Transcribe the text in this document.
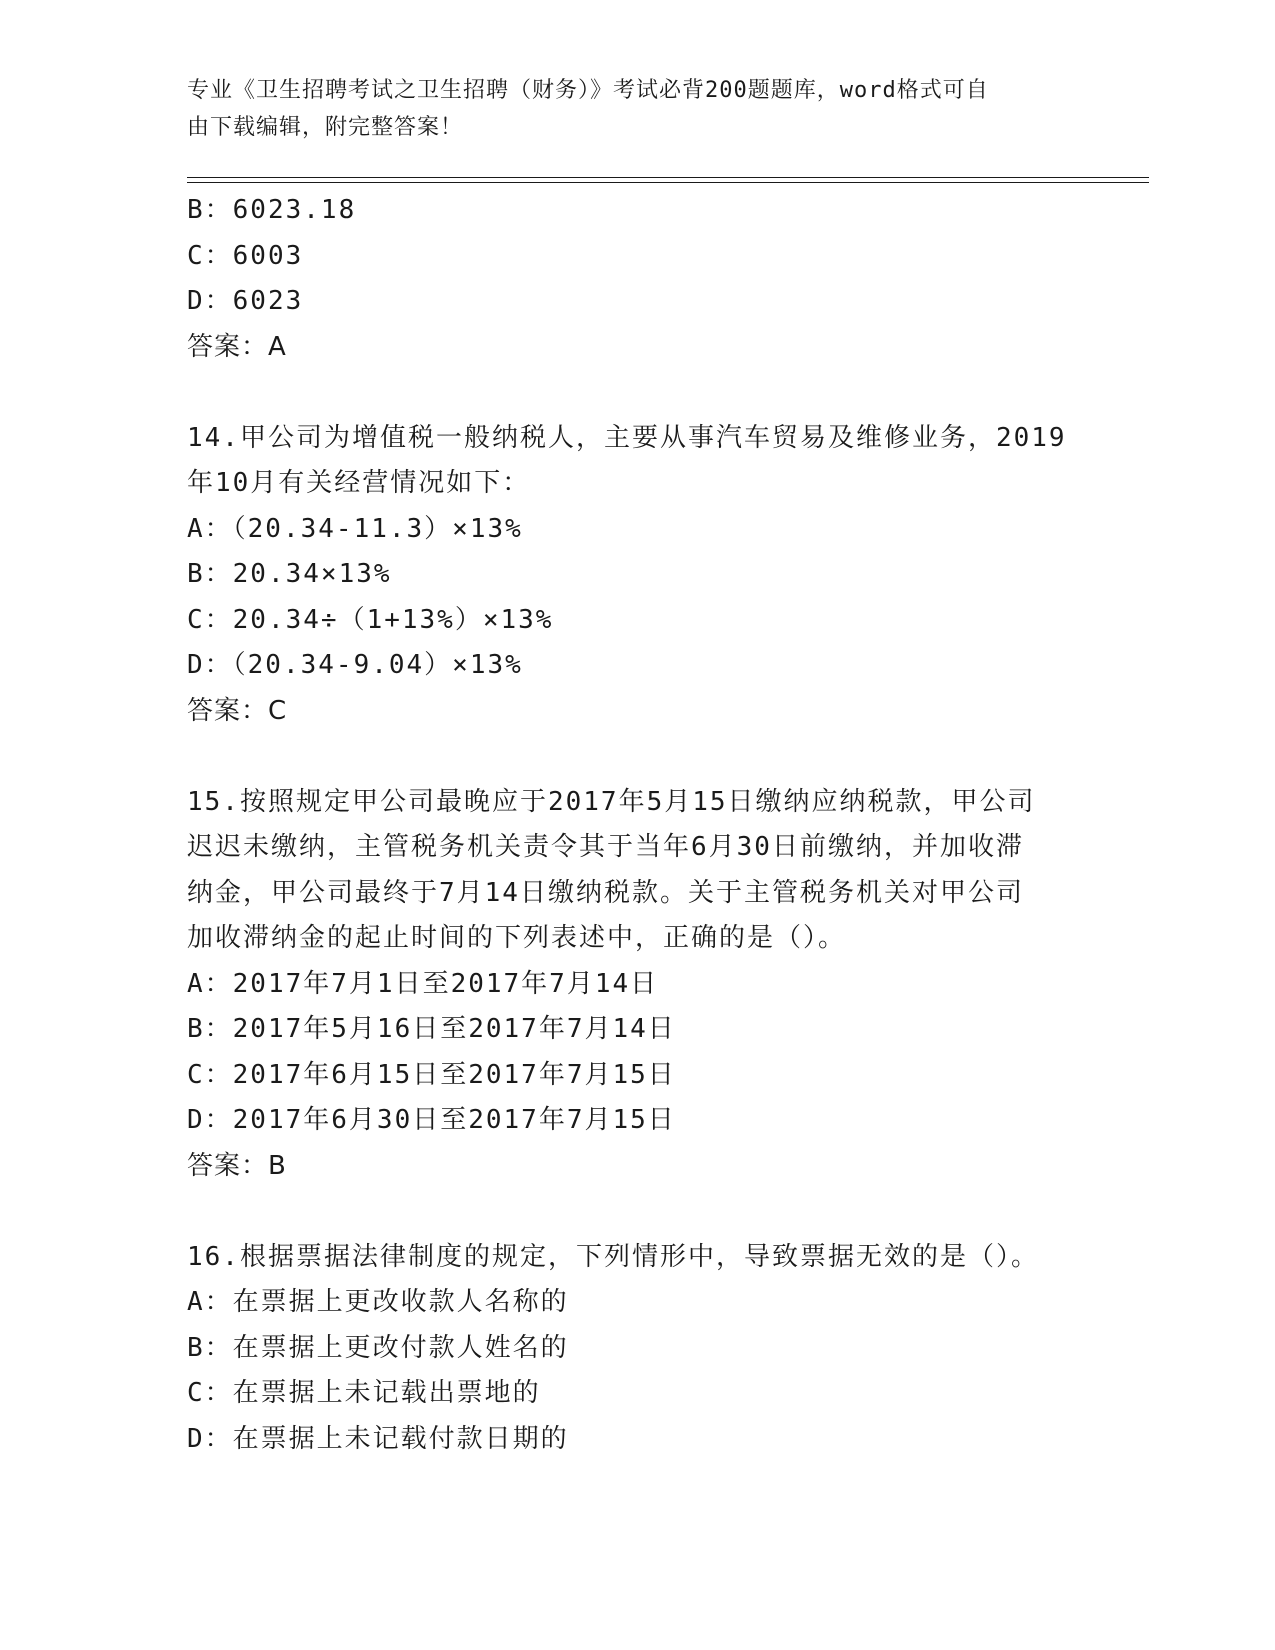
专业《卫生招聘考试之卫生招聘（财务）》考试必背200题题库，word格式可自
由下载编辑，附完整答案！
B：6023.18
C：6003
D：6023
答案：A
14.甲公司为增值税一般纳税人，主要从事汽车贸易及维修业务，2019
年10月有关经营情况如下：
A：（20.34-11.3）×13%
B：20.34×13%
C：20.34÷（1+13%）×13%
D：（20.34-9.04）×13%
答案：C
15.按照规定甲公司最晚应于2017年5月15日缴纳应纳税款，甲公司
迟迟未缴纳，主管税务机关责令其于当年6月30日前缴纳，并加收滞
纳金，甲公司最终于7月14日缴纳税款。关于主管税务机关对甲公司
加收滞纳金的起止时间的下列表述中，正确的是（）。
A：2017年7月1日至2017年7月14日
B：2017年5月16日至2017年7月14日
C：2017年6月15日至2017年7月15日
D：2017年6月30日至2017年7月15日
答案：B
16.根据票据法律制度的规定，下列情形中，导致票据无效的是（）。
A：在票据上更改收款人名称的
B：在票据上更改付款人姓名的
C：在票据上未记载出票地的
D：在票据上未记载付款日期的
